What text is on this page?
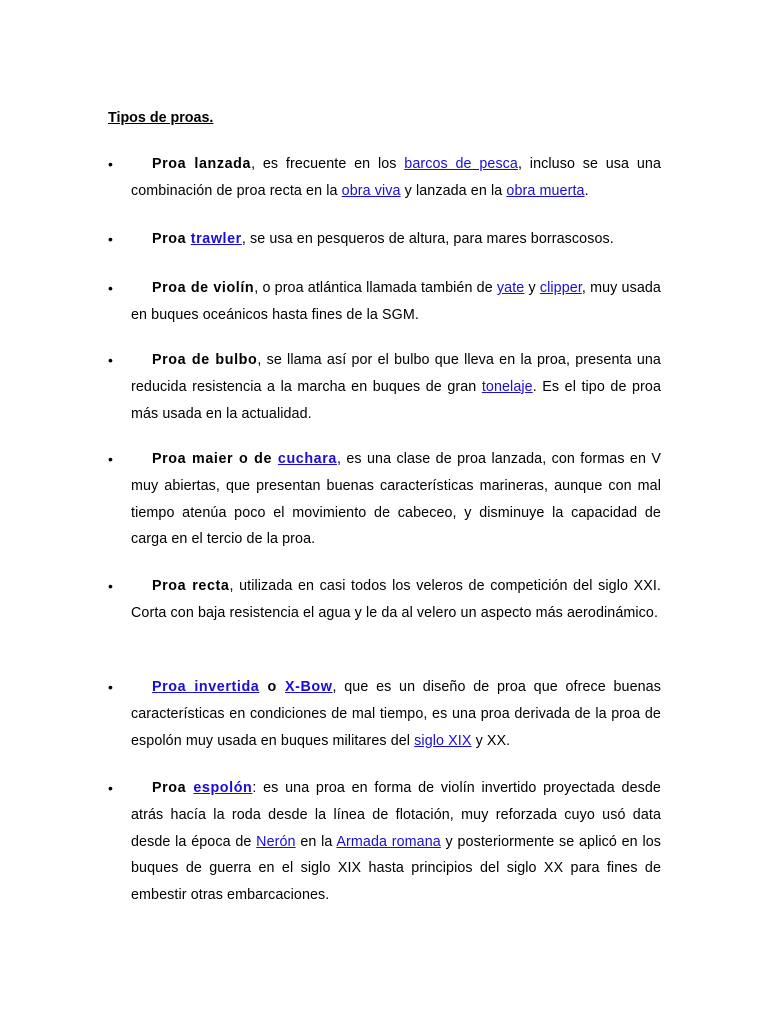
Tipos de proas.
•	Proa lanzada, es frecuente en los barcos de pesca, incluso se usa una combinación de proa recta en la obra viva y lanzada en la obra muerta.

•	Proa trawler, se usa en pesqueros de altura, para mares borrascosos.

•	Proa de violín, o proa atlántica llamada también de yate y clipper, muy usada en buques oceánicos hasta fines de la SGM.

•	Proa de bulbo, se llama así por el bulbo que lleva en la proa, presenta una reducida resistencia a la marcha en buques de gran tonelaje. Es el tipo de proa más usada en la actualidad.

•	Proa maier o de cuchara, es una clase de proa lanzada, con formas en V muy abiertas, que presentan buenas características marineras, aunque con mal tiempo atenúa poco el movimiento de cabeceo, y disminuye la capacidad de carga en el tercio de la proa.

•	Proa recta, utilizada en casi todos los veleros de competición del siglo XXI. Corta con baja resistencia el agua y le da al velero un aspecto más aerodinámico.

•	Proa invertida o X-Bow, que es un diseño de proa que ofrece buenas características en condiciones de mal tiempo, es una proa derivada de la proa de espolón muy usada en buques militares del siglo XIX y XX.

•	Proa espolón: es una proa en forma de violín invertido proyectada desde atrás hacía la roda desde la línea de flotación, muy reforzada cuyo usó data desde la época de Nerón en la Armada romana y posteriormente se aplicó en los buques de guerra en el siglo XIX hasta principios del siglo XX para fines de embestir otras embarcaciones.
